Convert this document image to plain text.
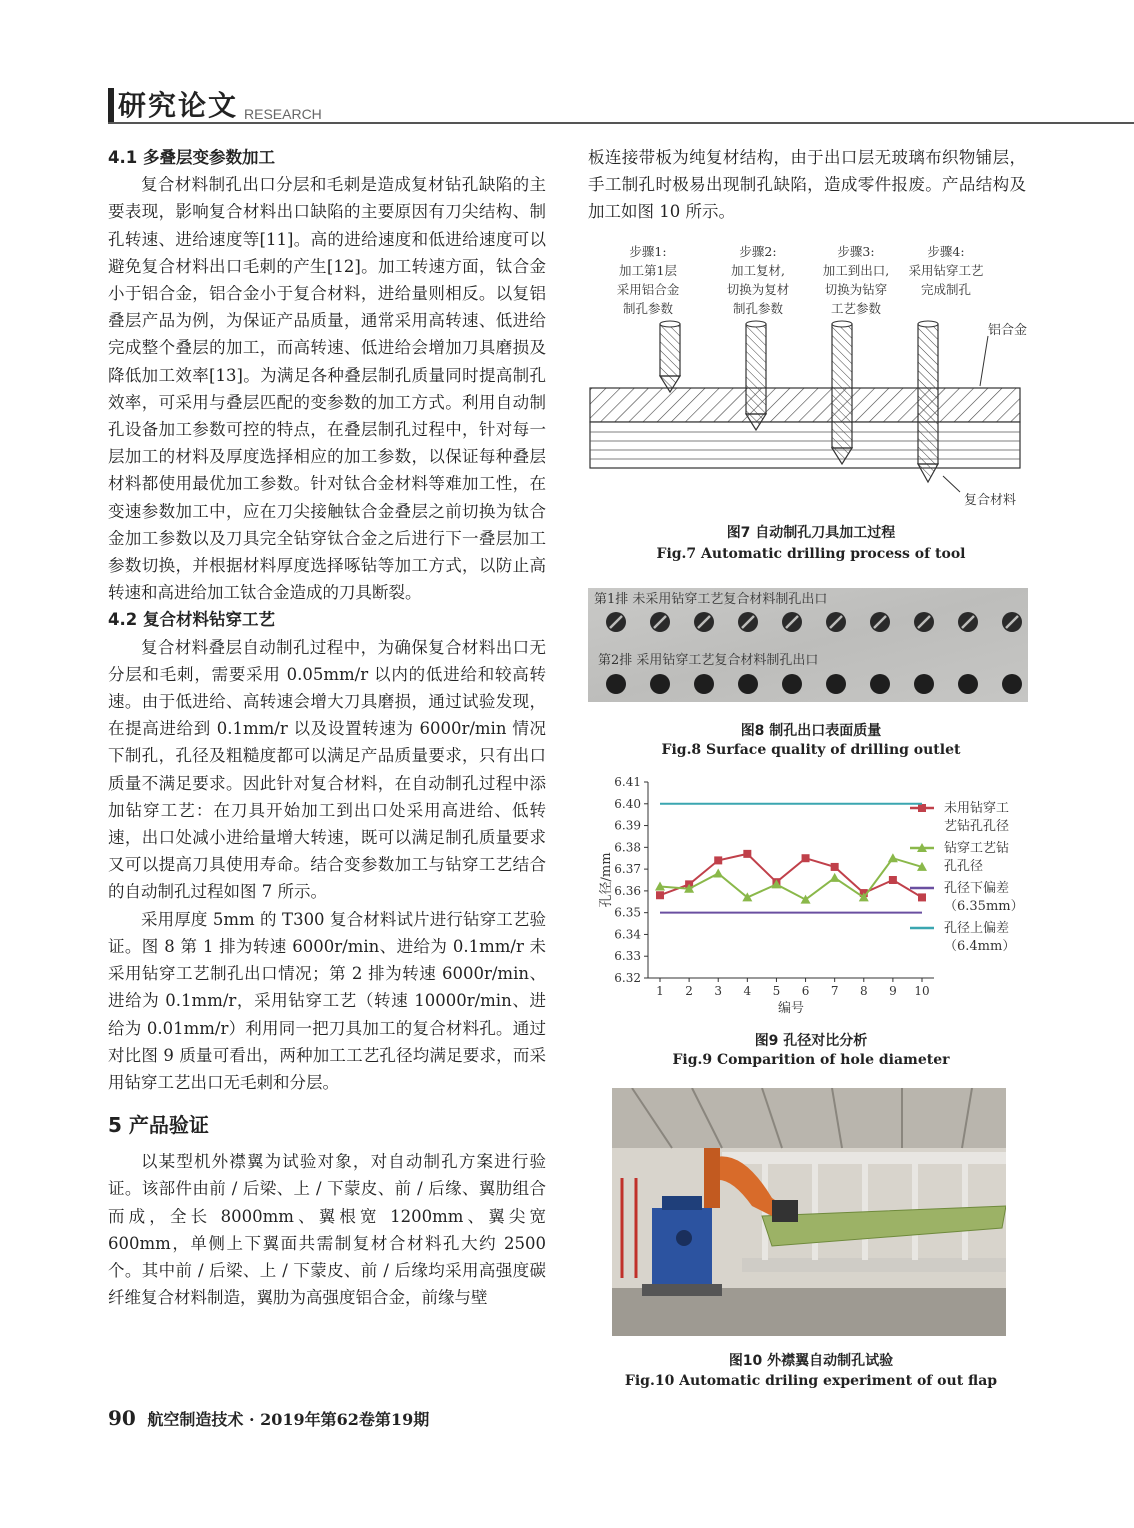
研究论文 RESEARCH
4.1 多叠层变参数加工

复合材料制孔出口分层和毛刺是造成复材钻孔缺陷的主要表现，影响复合材料出口缺陷的主要原因有刀尖结构、制孔转速、进给速度等[11]。高的进给速度和低进给速度可以避免复合材料出口毛刺的产生[12]。加工转速方面，钛合金小于铝合金，铝合金小于复合材料，进给量则相反。以复铝叠层产品为例，为保证产品质量，通常采用高转速、低进给完成整个叠层的加工，而高转速、低进给会增加刀具磨损及降低加工效率[13]。为满足各种叠层制孔质量同时提高制孔效率，可采用与叠层匹配的变参数的加工方式。利用自动制孔设备加工参数可控的特点，在叠层制孔过程中，针对每一层加工的材料及厚度选择相应的加工参数，以保证每种叠层材料都使用最优加工参数。针对钛合金材料等难加工性，在变速参数加工中，应在刀尖接触钛合金叠层之前切换为钛合金加工参数以及刀具完全钻穿钛合金之后进行下一叠层加工参数切换，并根据材料厚度选择啄钻等加工方式，以防止高转速和高进给加工钛合金造成的刀具断裂。

4.2 复合材料钻穿工艺

复合材料叠层自动制孔过程中，为确保复合材料出口无分层和毛刺，需要采用 0.05mm/r 以内的低进给和较高转速。由于低进给、高转速会增大刀具磨损，通过试验发现，在提高进给到 0.1mm/r 以及设置转速为 6000r/min 情况下制孔，孔径及粗糙度都可以满足产品质量要求，只有出口质量不满足要求。因此针对复合材料，在自动制孔过程中添加钻穿工艺：在刀具开始加工到出口处采用高进给、低转速，出口处减小进给量增大转速，既可以满足制孔质量要求又可以提高刀具使用寿命。结合变参数加工与钻穿工艺结合的自动制孔过程如图 7 所示。

采用厚度 5mm 的 T300 复合材料试片进行钻穿工艺验证。图 8 第 1 排为转速 6000r/min、进给为 0.1mm/r 未采用钻穿工艺制孔出口情况；第 2 排为转速 6000r/min、进给为 0.1mm/r，采用钻穿工艺（转速 10000r/min、进给为 0.01mm/r）利用同一把刀具加工的复合材料孔。通过对比图 9 质量可看出，两种加工工艺孔径均满足要求，而采用钻穿工艺出口无毛刺和分层。

5 产品验证

以某型机外襟翼为试验对象，对自动制孔方案进行验证。该部件由前 / 后梁、上 / 下蒙皮、前 / 后缘、翼肋组合而成，全长 8000mm、翼根宽 1200mm、翼尖宽 600mm，单侧上下翼面共需制复材合材料孔大约 2500 个。其中前 / 后梁、上 / 下蒙皮、前 / 后缘均采用高强度碳纤维复合材料制造，翼肋为高强度铝合金，前缘与壁

板连接带板为纯复材结构，由于出口层无玻璃布织物铺层，手工制孔时极易出现制孔缺陷，造成零件报废。产品结构及加工如图 10 所示。

步骤1:
加工第1层
采用铝合金
制孔参数
步骤2:
加工复材,
切换为复材
制孔参数
步骤3:
加工到出口,
切换为钻穿
工艺参数
步骤4:
采用钻穿工艺
完成制孔
铝合金
复合材料
图7 自动制孔刀具加工过程
Fig.7 Automatic drilling process of tool
第1排 未采用钻穿工艺复合材料制孔出口
第2排 采用钻穿工艺复合材料制孔出口
图8 制孔出口表面质量
Fig.8 Surface quality of drilling outlet
6.32
6.33
6.34
6.35
6.36
6.37
6.38
6.39
6.40
6.41
1 2 3 4 5 6 7 8 9 10
编号
孔径/mm
未用钻穿工
艺钻孔孔径
钻穿工艺钻
孔孔径
孔径下偏差
（6.35mm）
孔径上偏差
（6.4mm）
图9 孔径对比分析
Fig.9 Comparition of hole diameter
图10 外襟翼自动制孔试验
Fig.10 Automatic driling experiment of out flap
90 航空制造技术 · 2019年第62卷第19期
